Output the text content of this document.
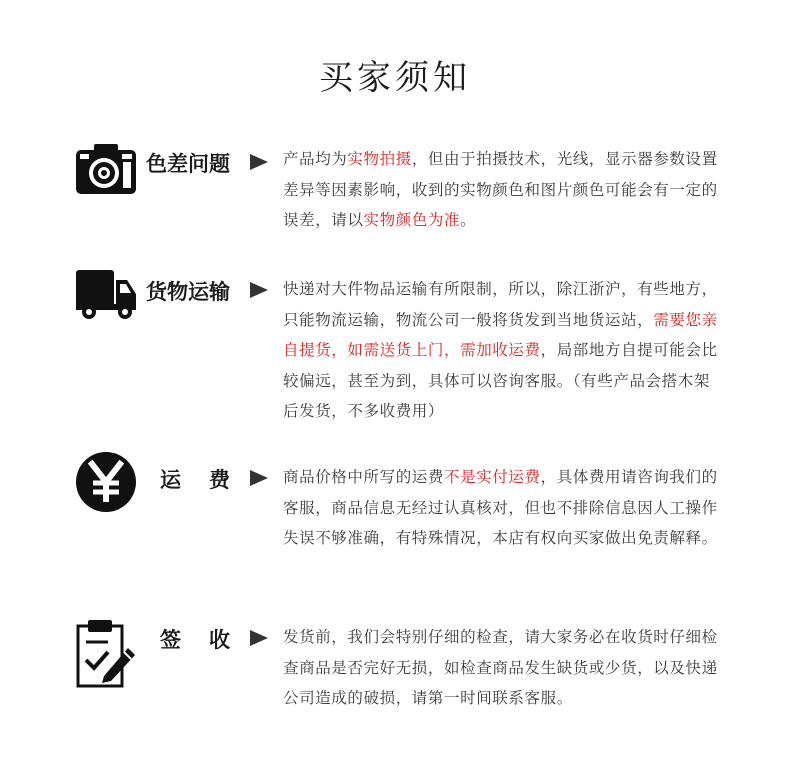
买家须知
色差问题	产品均为实物拍摄，但由于拍摄技术，光线，显示器参数设置差异等因素影响，收到的实物颜色和图片颜色可能会有一定的误差，请以实物颜色为准。
货物运输	快递对大件物品运输有所限制，所以，除江浙沪，有些地方，只能物流运输，物流公司一般将货发到当地货运站，需要您亲自提货，如需送货上门，需加收运费，局部地方自提可能会比较偏远，甚至为到，具体可以咨询客服。（有些产品会搭木架后发货，不多收费用）
运费 商品价格中所写的运费不是实付运费，具体费用请咨询我们的客服，商品信息无经过认真核对，但也不排除信息因人工操作失误不够准确，有特殊情况，本店有权向买家做出免责解释。
签收 发货前，我们会特别仔细的检查，请大家务必在收货时仔细检查商品是否完好无损，如检查商品发生缺货或少货，以及快递公司造成的破损，请第一时间联系客服。
